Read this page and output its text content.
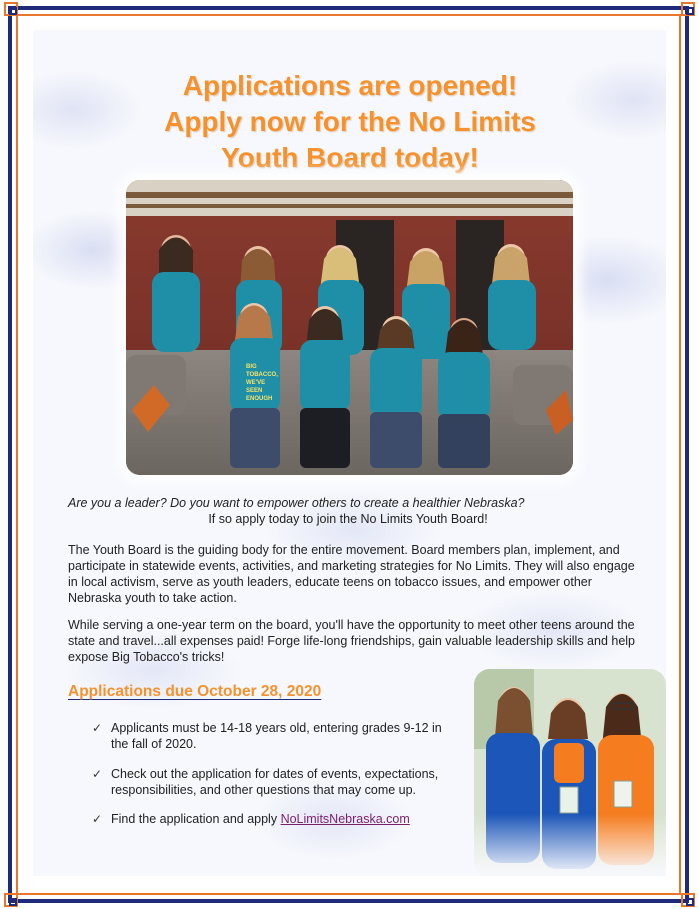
Applications are opened!
Apply now for the No Limits
Youth Board today!
BIG TOBACCO, WE'VE SEEN ENOUGH
Are you a leader? Do you want to empower others to create a healthier Nebraska?
If so apply today to join the No Limits Youth Board!
The Youth Board is the guiding body for the entire movement. Board members plan, implement, and participate in statewide events, activities, and marketing strategies for No Limits. They will also engage in local activism, serve as youth leaders, educate teens on tobacco issues, and empower other Nebraska youth to take action.
While serving a one-year term on the board, you'll have the opportunity to meet other teens around the state and travel...all expenses paid! Forge life-long friendships, gain valuable leadership skills and help expose Big Tobacco's tricks!
Applications due October 28, 2020
✓ Applicants must be 14-18 years old, entering grades 9-12 in the fall of 2020.
✓ Check out the application for dates of events, expectations, responsibilities, and other questions that may come up.
✓ Find the application and apply NoLimitsNebraska.com
